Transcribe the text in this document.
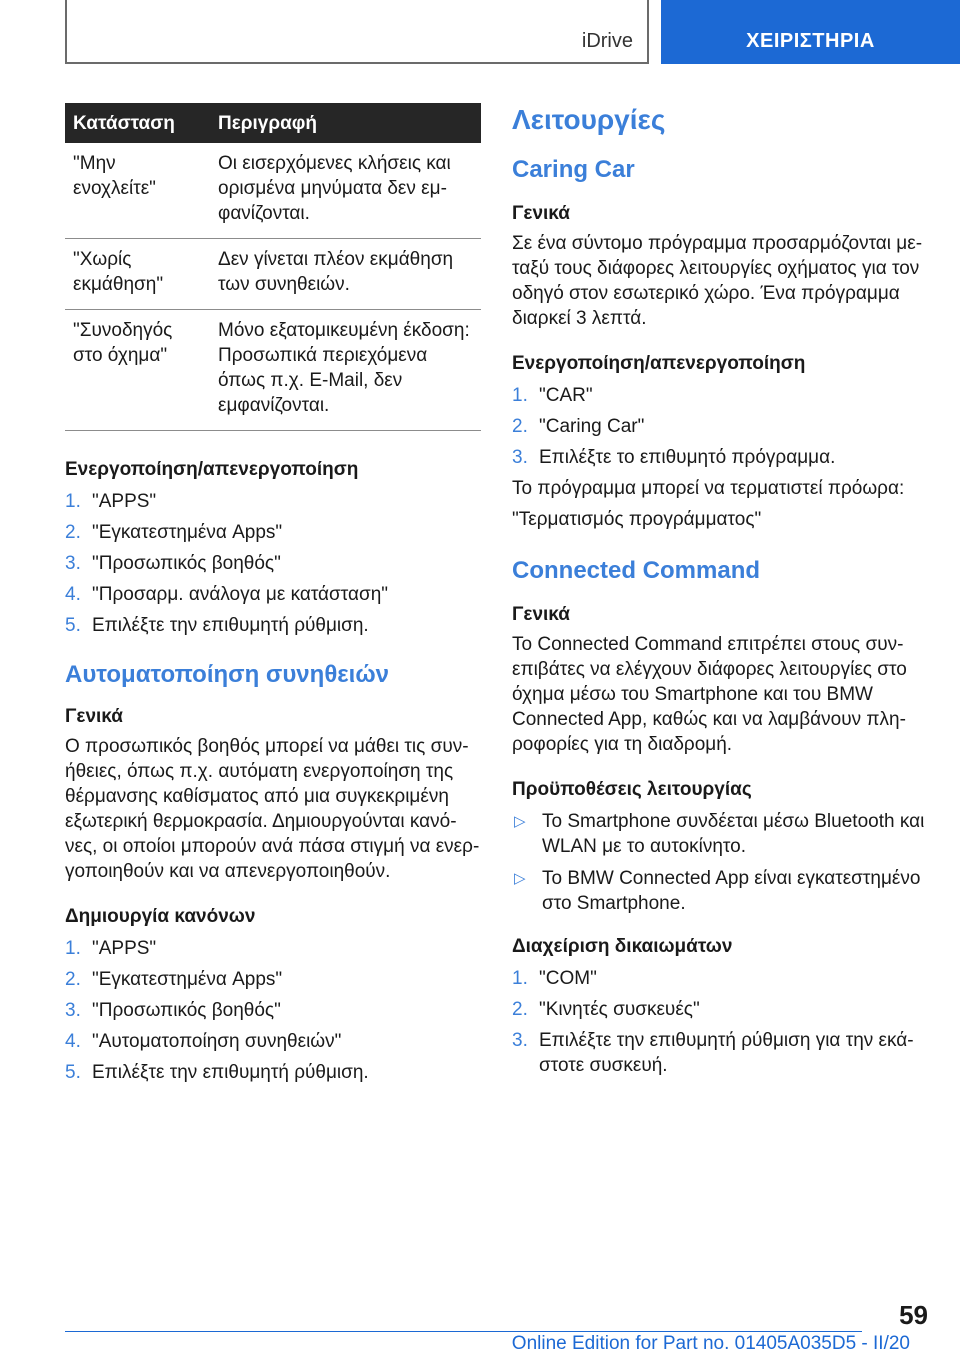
iDrive	ΧΕΙΡΙΣΤΗΡΙΑ
Κατάσταση	Περιγραφή
"Μην ενοχλείτε"	Οι εισερχόμενες κλήσεις και ορισμένα μηνύματα δεν εμφανίζονται.
"Χωρίς εκμάθηση"	Δεν γίνεται πλέον εκμάθηση των συνηθειών.
"Συνοδηγός στο όχημα"	Μόνο εξατομικευμένη έκδοση: Προσωπικά περιεχόμενα όπως π.χ. E-Mail, δεν εμφανίζονται.
Ενεργοποίηση/απενεργοποίηση
1. "APPS"
2. "Εγκατεστημένα Apps"
3. "Προσωπικός βοηθός"
4. "Προσαρμ. ανάλογα με κατάσταση"
5. Επιλέξτε την επιθυμητή ρύθμιση.
Αυτοματοποίηση συνηθειών
Γενικά

Ο προσωπικός βοηθός μπορεί να μάθει τις συνήθειες, όπως π.χ. αυτόματη ενεργοποίηση της θέρμανσης καθίσματος από μια συγκεκριμένη εξωτερική θερμοκρασία. Δημιουργούνται κανόνες, οι οποίοι μπορούν ανά πάσα στιγμή να ενεργοποιηθούν και να απενεργοποιηθούν.

Δημιουργία κανόνων
1. "APPS"
2. "Εγκατεστημένα Apps"
3. "Προσωπικός βοηθός"
4. "Αυτοματοποίηση συνηθειών"
5. Επιλέξτε την επιθυμητή ρύθμιση.
Λειτουργίες
Caring Car
Γενικά

Σε ένα σύντομο πρόγραμμα προσαρμόζονται μεταξύ τους διάφορες λειτουργίες οχήματος για τον οδηγό στον εσωτερικό χώρο. Ένα πρόγραμμα διαρκεί 3 λεπτά.

Ενεργοποίηση/απενεργοποίηση
1. "CAR"
2. "Caring Car"
3. Επιλέξτε το επιθυμητό πρόγραμμα.

Το πρόγραμμα μπορεί να τερματιστεί πρόωρα:

"Τερματισμός προγράμματος"

Connected Command
Γενικά

Το Connected Command επιτρέπει στους συνεπιβάτες να ελέγχουν διάφορες λειτουργίες στο όχημα μέσω του Smartphone και του BMW Connected App, καθώς και να λαμβάνουν πληροφορίες για τη διαδρομή.

Προϋποθέσεις λειτουργίας
▷ Το Smartphone συνδέεται μέσω Bluetooth και WLAN με το αυτοκίνητο.
▷ Το BMW Connected App είναι εγκατεστημένο στο Smartphone.
Διαχείριση δικαιωμάτων
1. "COM"
2. "Κινητές συσκευές"
3. Επιλέξτε την επιθυμητή ρύθμιση για την εκάστοτε συσκευή.
59
Online Edition for Part no. 01405A035D5 - II/20
